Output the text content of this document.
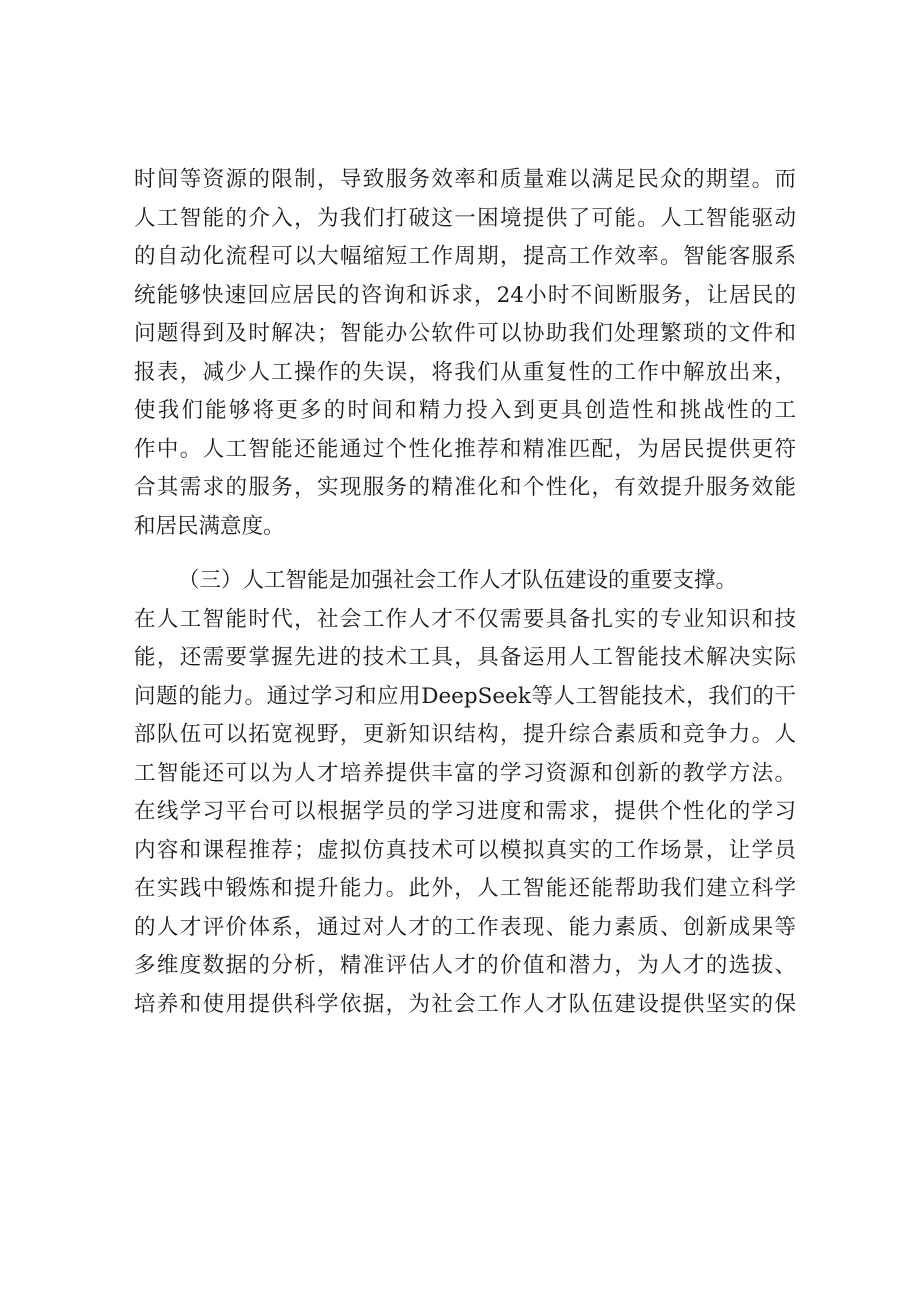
时间等资源的限制，导致服务效率和质量难以满足民众的期望。而
人工智能的介入，为我们打破这一困境提供了可能。人工智能驱动
的自动化流程可以大幅缩短工作周期，提高工作效率。智能客服系
统能够快速回应居民的咨询和诉求，24小时不间断服务，让居民的
问题得到及时解决；智能办公软件可以协助我们处理繁琐的文件和
报表，减少人工操作的失误，将我们从重复性的工作中解放出来，
使我们能够将更多的时间和精力投入到更具创造性和挑战性的工
作中。人工智能还能通过个性化推荐和精准匹配，为居民提供更符
合其需求的服务，实现服务的精准化和个性化，有效提升服务效能
和居民满意度。
（三）人工智能是加强社会工作人才队伍建设的重要支撑。
在人工智能时代，社会工作人才不仅需要具备扎实的专业知识和技
能，还需要掌握先进的技术工具，具备运用人工智能技术解决实际
问题的能力。通过学习和应用DeepSeek等人工智能技术，我们的干
部队伍可以拓宽视野，更新知识结构，提升综合素质和竞争力。人
工智能还可以为人才培养提供丰富的学习资源和创新的教学方法。
在线学习平台可以根据学员的学习进度和需求，提供个性化的学习
内容和课程推荐；虚拟仿真技术可以模拟真实的工作场景，让学员
在实践中锻炼和提升能力。此外，人工智能还能帮助我们建立科学
的人才评价体系，通过对人才的工作表现、能力素质、创新成果等
多维度数据的分析，精准评估人才的价值和潜力，为人才的选拔、
培养和使用提供科学依据，为社会工作人才队伍建设提供坚实的保
